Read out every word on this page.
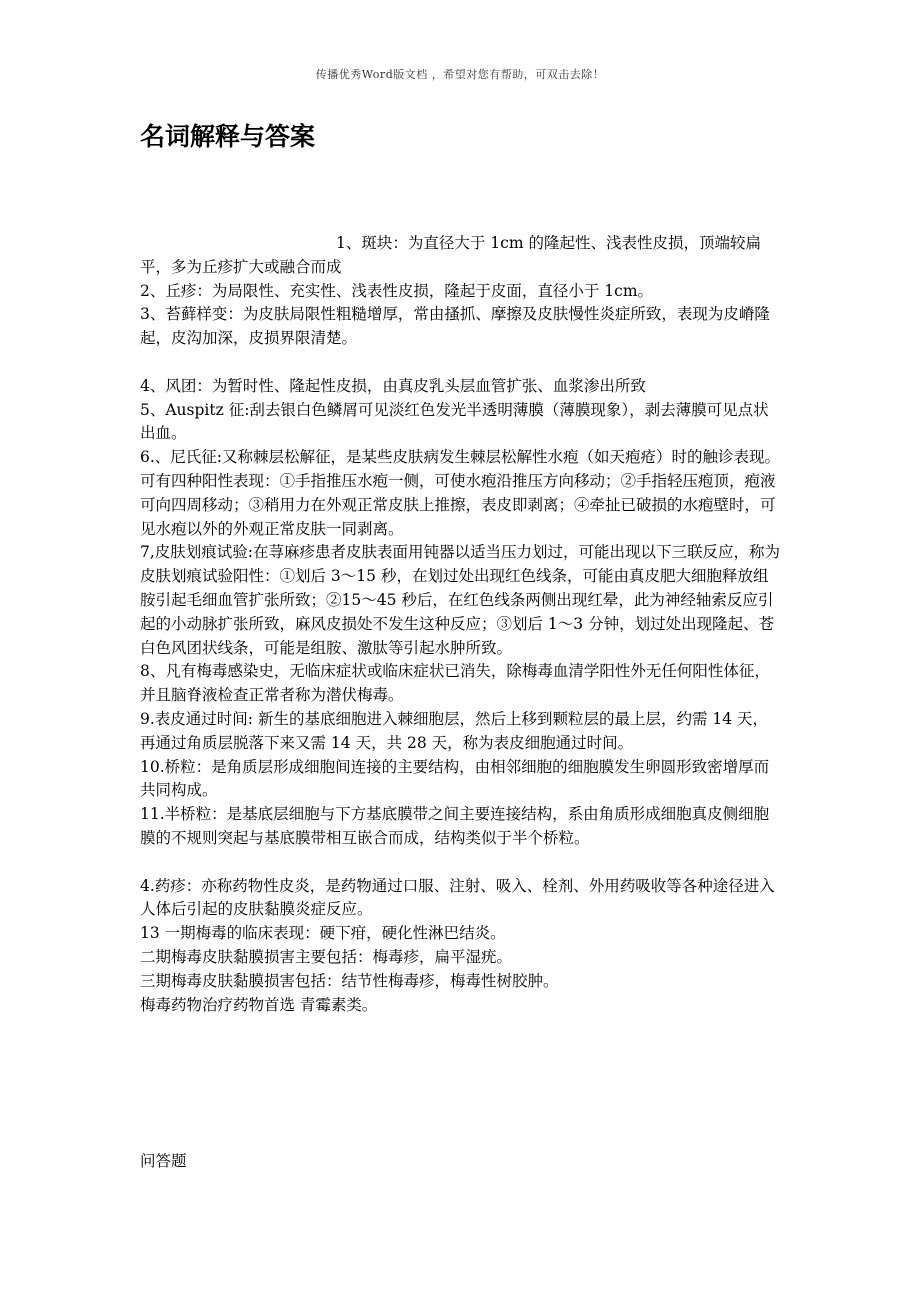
传播优秀Word版文档 ，希望对您有帮助，可双击去除！
名词解释与答案

1、斑块：为直径大于 1cm 的隆起性、浅表性皮损，顶端较扁平，多为丘疹扩大或融合而成

2、丘疹：为局限性、充实性、浅表性皮损，隆起于皮面，直径小于 1cm。

3、苔藓样变：为皮肤局限性粗糙增厚，常由搔抓、摩擦及皮肤慢性炎症所致，表现为皮嵴隆起，皮沟加深，皮损界限清楚。

4、风团：为暂时性、隆起性皮损，由真皮乳头层血管扩张、血浆渗出所致

5、Auspitz 征:刮去银白色鳞屑可见淡红色发光半透明薄膜（薄膜现象），剥去薄膜可见点状出血。

6.、尼氏征:又称棘层松解征，是某些皮肤病发生棘层松解性水疱（如天疱疮）时的触诊表现。可有四种阳性表现：①手指推压水疱一侧，可使水疱沿推压方向移动；②手指轻压疱顶，疱液可向四周移动；③稍用力在外观正常皮肤上推擦，表皮即剥离；④牵扯已破损的水疱壁时，可见水疱以外的外观正常皮肤一同剥离。

7,皮肤划痕试验:在荨麻疹患者皮肤表面用钝器以适当压力划过，可能出现以下三联反应，称为皮肤划痕试验阳性：①划后 3～15 秒，在划过处出现红色线条，可能由真皮肥大细胞释放组胺引起毛细血管扩张所致；②15～45 秒后，在红色线条两侧出现红晕，此为神经轴索反应引起的小动脉扩张所致，麻风皮损处不发生这种反应；③划后 1～3 分钟，划过处出现隆起、苍白色风团状线条，可能是组胺、激肽等引起水肿所致。

8、凡有梅毒感染史，无临床症状或临床症状已消失，除梅毒血清学阳性外无任何阳性体征，并且脑脊液检查正常者称为潜伏梅毒。

9.表皮通过时间: 新生的基底细胞进入棘细胞层，然后上移到颗粒层的最上层，约需 14 天，再通过角质层脱落下来又需 14 天，共 28 天，称为表皮细胞通过时间。

10.桥粒：是角质层形成细胞间连接的主要结构，由相邻细胞的细胞膜发生卵圆形致密增厚而共同构成。

11.半桥粒：是基底层细胞与下方基底膜带之间主要连接结构，系由角质形成细胞真皮侧细胞膜的不规则突起与基底膜带相互嵌合而成，结构类似于半个桥粒。

4.药疹：亦称药物性皮炎，是药物通过口服、注射、吸入、栓剂、外用药吸收等各种途径进入人体后引起的皮肤黏膜炎症反应。

13 一期梅毒的临床表现：硬下疳，硬化性淋巴结炎。

二期梅毒皮肤黏膜损害主要包括：梅毒疹，扁平湿疣。

三期梅毒皮肤黏膜损害包括：结节性梅毒疹，梅毒性树胶肿。

梅毒药物治疗药物首选 青霉素类。

问答题
